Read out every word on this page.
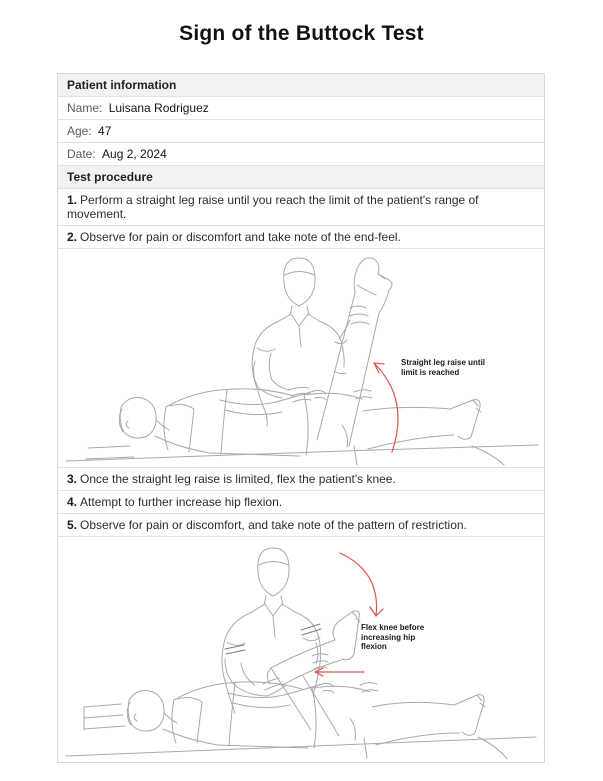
Sign of the Buttock Test
Patient information
Name: Luisana Rodriguez
Age: 47
Date: Aug 2, 2024
Test procedure
1. Perform a straight leg raise until you reach the limit of the patient's range of movement.
2. Observe for pain or discomfort and take note of the end-feel.
Straight leg raise until
limit is reached
3. Once the straight leg raise is limited, flex the patient's knee.
4. Attempt to further increase hip flexion.
5. Observe for pain or discomfort, and take note of the pattern of restriction.
Flex knee before
increasing hip
flexion
